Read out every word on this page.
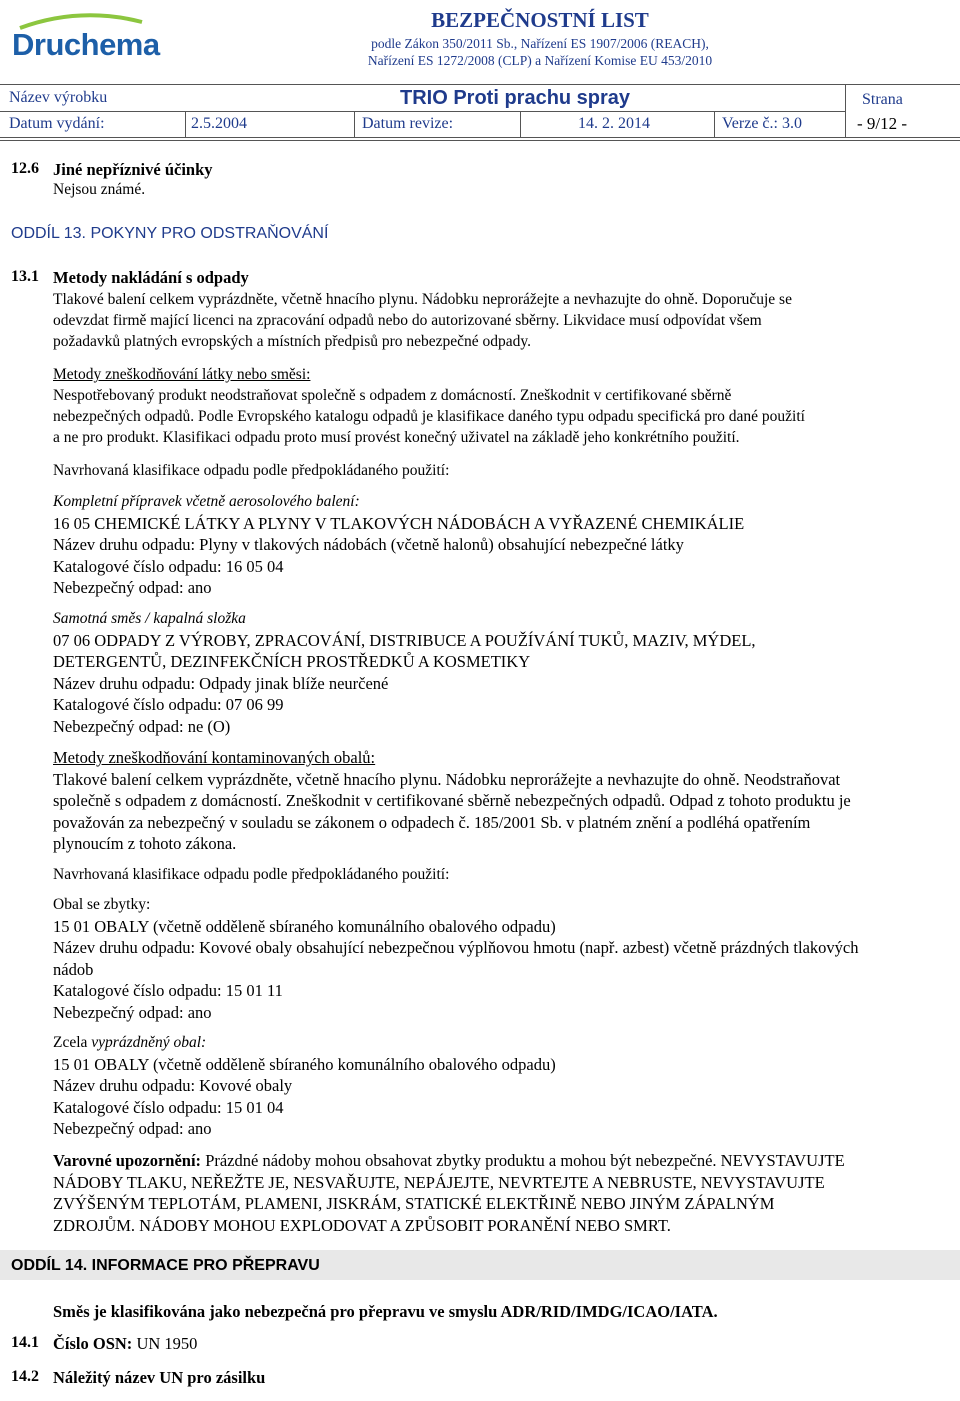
Druchema
BEZPEČNOSTNÍ LIST
podle Zákon 350/2011 Sb., Nařízení ES 1907/2006 (REACH),
Nařízení ES 1272/2008 (CLP) a Nařízení Komise EU 453/2010
Název výrobku	TRIO Proti prachu spray	Strana
Datum vydání:	2.5.2004	Datum revize:	14. 2. 2014	Verze č.: 3.0	- 9/12 -
12.6 Jiné nepříznivé účinky
Nejsou známé.
ODDÍL 13. POKYNY PRO ODSTRAŇOVÁNÍ
13.1 Metody nakládání s odpady
Tlakové balení celkem vyprázdněte, včetně hnacího plynu. Nádobku neprorážejte a nevhazujte do ohně. Doporučuje se
odevzdat firmě mající licenci na zpracování odpadů nebo do autorizované sběrny. Likvidace musí odpovídat všem
požadavků platných evropských a místních předpisů pro nebezpečné odpady.
Metody zneškodňování látky nebo směsi:
Nespotřebovaný produkt neodstraňovat společně s odpadem z domácností. Zneškodnit v certifikované sběrně
nebezpečných odpadů. Podle Evropského katalogu odpadů je klasifikace daného typu odpadu specifická pro dané použití
a ne pro produkt. Klasifikaci odpadu proto musí provést konečný uživatel na základě jeho konkrétního použití.
Navrhovaná klasifikace odpadu podle předpokládaného použití:
Kompletní přípravek včetně aerosolového balení:
16 05 CHEMICKÉ LÁTKY A PLYNY V TLAKOVÝCH NÁDOBÁCH A VYŘAZENÉ CHEMIKÁLIE
Název druhu odpadu: Plyny v tlakových nádobách (včetně halonů) obsahující nebezpečné látky
Katalogové číslo odpadu: 16 05 04
Nebezpečný odpad: ano
Samotná směs / kapalná složka
07 06 ODPADY Z VÝROBY, ZPRACOVÁNÍ, DISTRIBUCE A POUŽÍVÁNÍ TUKŮ, MAZIV, MÝDEL,
DETERGENTŮ, DEZINFEKČNÍCH PROSTŘEDKŮ A KOSMETIKY
Název druhu odpadu: Odpady jinak blíže neurčené
Katalogové číslo odpadu: 07 06 99
Nebezpečný odpad: ne (O)
Metody zneškodňování kontaminovaných obalů:
Tlakové balení celkem vyprázdněte, včetně hnacího plynu. Nádobku neprorážejte a nevhazujte do ohně. Neodstraňovat
společně s odpadem z domácností. Zneškodnit v certifikované sběrně nebezpečných odpadů. Odpad z tohoto produktu je
považován za nebezpečný v souladu se zákonem o odpadech č. 185/2001 Sb. v platném znění a podléhá opatřením
plynoucím z tohoto zákona.
Navrhovaná klasifikace odpadu podle předpokládaného použití:
Obal se zbytky:
15 01 OBALY (včetně odděleně sbíraného komunálního obalového odpadu)
Název druhu odpadu: Kovové obaly obsahující nebezpečnou výplňovou hmotu (např. azbest) včetně prázdných tlakových
nádob
Katalogové číslo odpadu: 15 01 11
Nebezpečný odpad: ano
Zcela vyprázdněný obal:
15 01 OBALY (včetně odděleně sbíraného komunálního obalového odpadu)
Název druhu odpadu: Kovové obaly
Katalogové číslo odpadu: 15 01 04
Nebezpečný odpad: ano
Varovné upozornění: Prázdné nádoby mohou obsahovat zbytky produktu a mohou být nebezpečné. NEVYSTAVUJTE
NÁDOBY TLAKU, NEŘEŽTE JE, NESVAŘUJTE, NEPÁJEJTE, NEVRTEJTE A NEBRUSTE, NEVYSTAVUJTE
ZVÝŠENÝM TEPLOTÁM, PLAMENI, JISKRÁM, STATICKÉ ELEKTŘINĚ NEBO JINÝM ZÁPALNÝM
ZDROJŮM. NÁDOBY MOHOU EXPLODOVAT A ZPŮSOBIT PORANĚNÍ NEBO SMRT.
ODDÍL 14. INFORMACE PRO PŘEPRAVU
Směs je klasifikována jako nebezpečná pro přepravu ve smyslu ADR/RID/IMDG/ICAO/IATA.
14.1 Číslo OSN: UN 1950
14.2 Náležitý název UN pro zásilku
